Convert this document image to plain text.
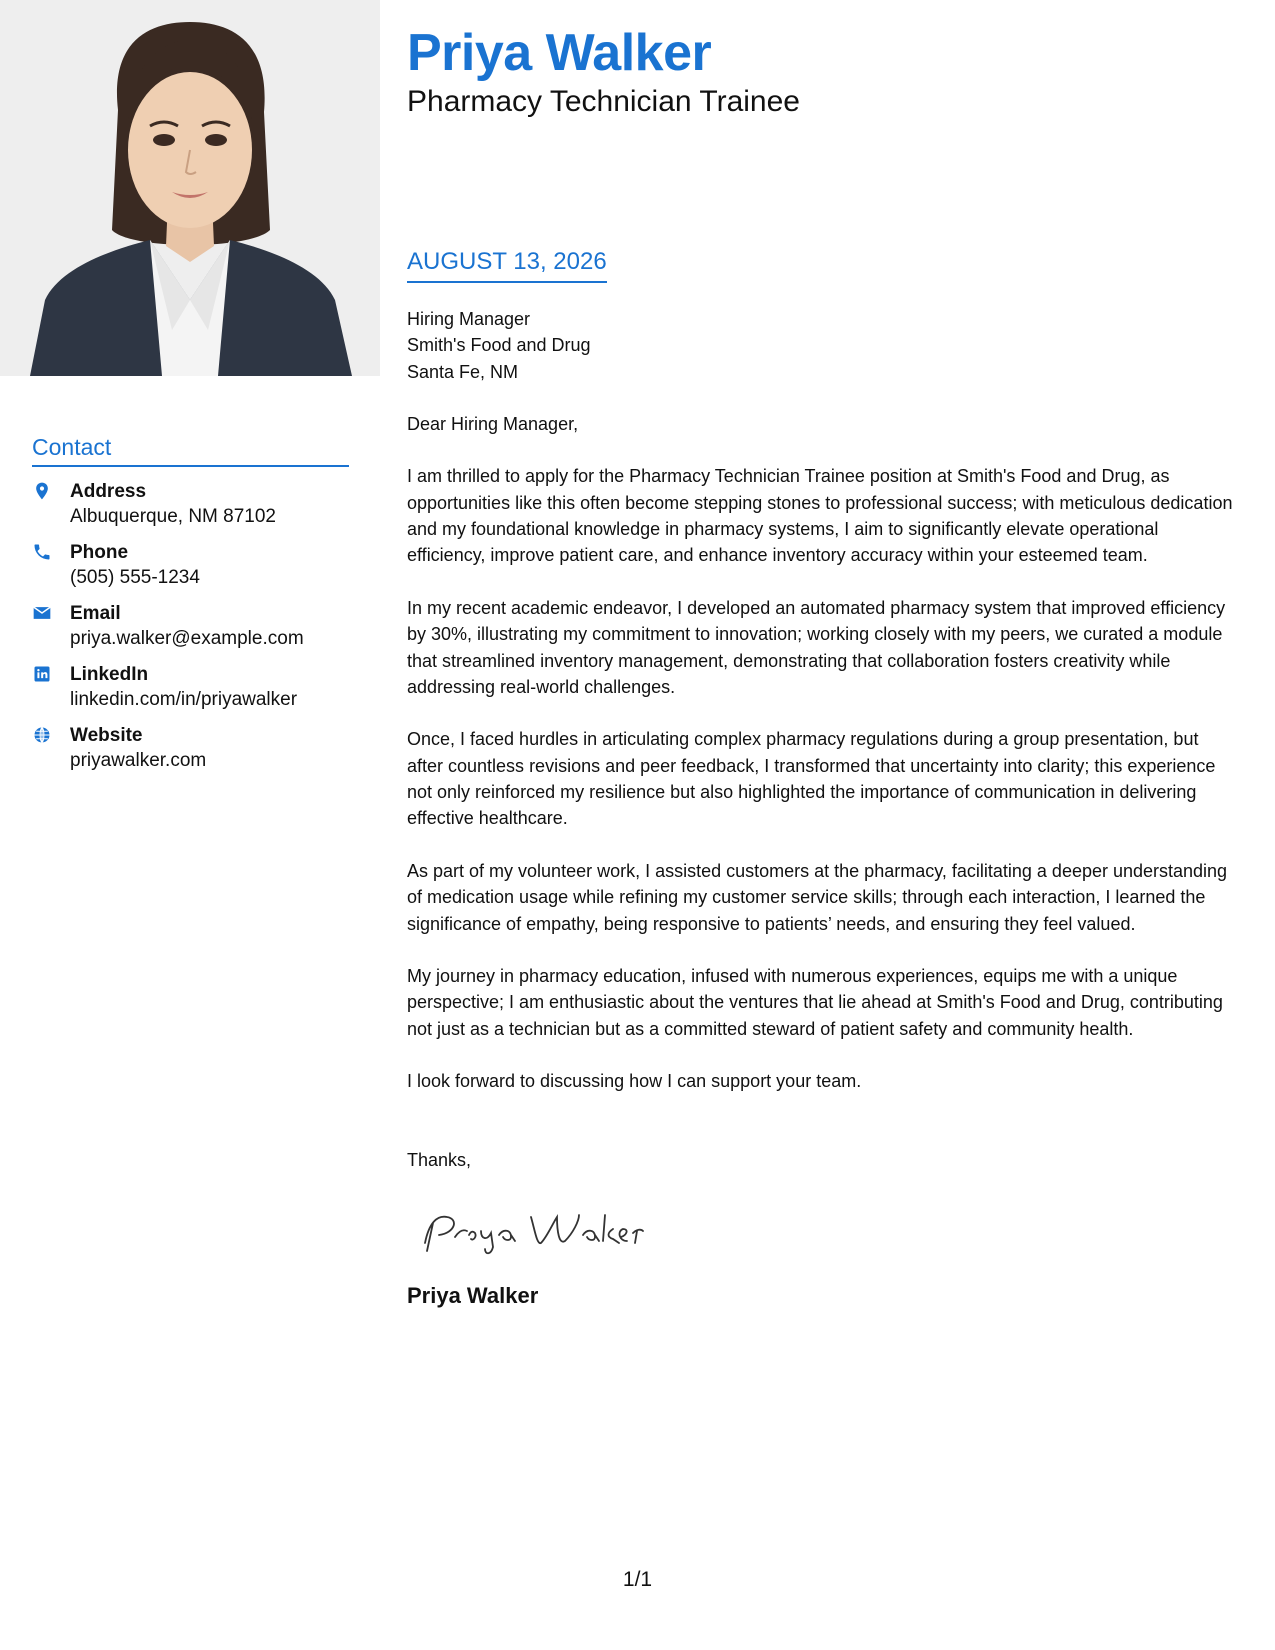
Priya Walker
Pharmacy Technician Trainee
Contact
Address
Albuquerque, NM 87102
Phone
(505) 555-1234
Email
priya.walker@example.com
LinkedIn
linkedin.com/in/priyawalker
Website
priyawalker.com
AUGUST 13, 2026

Hiring Manager

Smith's Food and Drug

Santa Fe, NM

Dear Hiring Manager,

I am thrilled to apply for the Pharmacy Technician Trainee position at Smith's Food and Drug, as opportunities like this often become stepping stones to professional success; with meticulous dedication and my foundational knowledge in pharmacy systems, I aim to significantly elevate operational efficiency, improve patient care, and enhance inventory accuracy within your esteemed team.

In my recent academic endeavor, I developed an automated pharmacy system that improved efficiency by 30%, illustrating my commitment to innovation; working closely with my peers, we curated a module that streamlined inventory management, demonstrating that collaboration fosters creativity while addressing real-world challenges.

Once, I faced hurdles in articulating complex pharmacy regulations during a group presentation, but after countless revisions and peer feedback, I transformed that uncertainty into clarity; this experience not only reinforced my resilience but also highlighted the importance of communication in delivering effective healthcare.

As part of my volunteer work, I assisted customers at the pharmacy, facilitating a deeper understanding of medication usage while refining my customer service skills; through each interaction, I learned the significance of empathy, being responsive to patients’ needs, and ensuring they feel valued.

My journey in pharmacy education, infused with numerous experiences, equips me with a unique perspective; I am enthusiastic about the ventures that lie ahead at Smith's Food and Drug, contributing not just as a technician but as a committed steward of patient safety and community health.

I look forward to discussing how I can support your team.

Thanks,

Priya Walker

1/1
